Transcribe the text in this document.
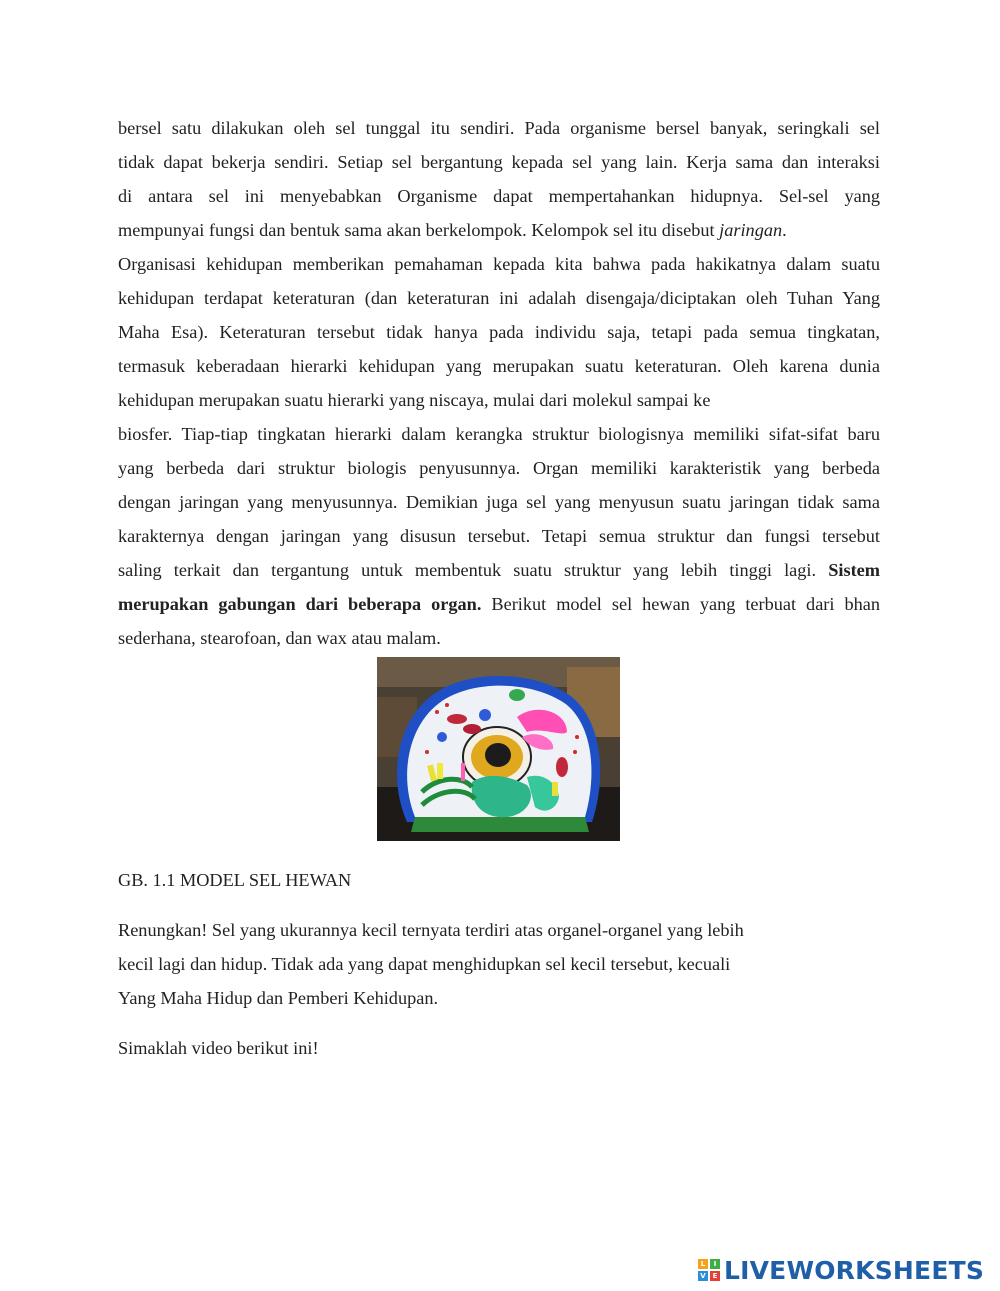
bersel satu dilakukan oleh sel tunggal itu sendiri. Pada organisme bersel banyak, seringkali sel
tidak dapat bekerja sendiri. Setiap sel bergantung kepada sel yang lain. Kerja sama dan interaksi
di antara sel ini menyebabkan Organisme dapat mempertahankan hidupnya. Sel-sel yang
mempunyai fungsi dan bentuk sama akan berkelompok. Kelompok sel itu disebut jaringan.

Organisasi kehidupan memberikan pemahaman kepada kita bahwa pada hakikatnya dalam suatu
kehidupan terdapat keteraturan (dan keteraturan ini adalah disengaja/diciptakan oleh Tuhan Yang
Maha Esa). Keteraturan tersebut tidak hanya pada individu saja, tetapi pada semua tingkatan,
termasuk keberadaan hierarki kehidupan yang merupakan suatu keteraturan. Oleh karena dunia
kehidupan merupakan suatu hierarki yang niscaya, mulai dari molekul sampai ke

biosfer. Tiap-tiap tingkatan hierarki dalam kerangka struktur biologisnya memiliki sifat-sifat baru
yang berbeda dari struktur biologis penyusunnya. Organ memiliki karakteristik yang berbeda
dengan jaringan yang menyusunnya. Demikian juga sel yang menyusun suatu jaringan tidak sama
karakternya dengan jaringan yang disusun tersebut. Tetapi semua struktur dan fungsi tersebut
saling terkait dan tergantung untuk membentuk suatu struktur yang lebih tinggi lagi. Sistem
merupakan gabungan dari beberapa organ. Berikut model sel hewan yang terbuat dari bhan
sederhana, stearofoan, dan wax atau malam.

GB. 1.1 MODEL SEL HEWAN

Renungkan! Sel yang ukurannya kecil ternyata terdiri atas organel-organel yang lebih
kecil lagi dan hidup. Tidak ada yang dapat menghidupkan sel kecil tersebut, kecuali
Yang Maha Hidup dan Pemberi Kehidupan.

Simaklah video berikut ini!

L	I
V E LIVEWORKSHEETS
